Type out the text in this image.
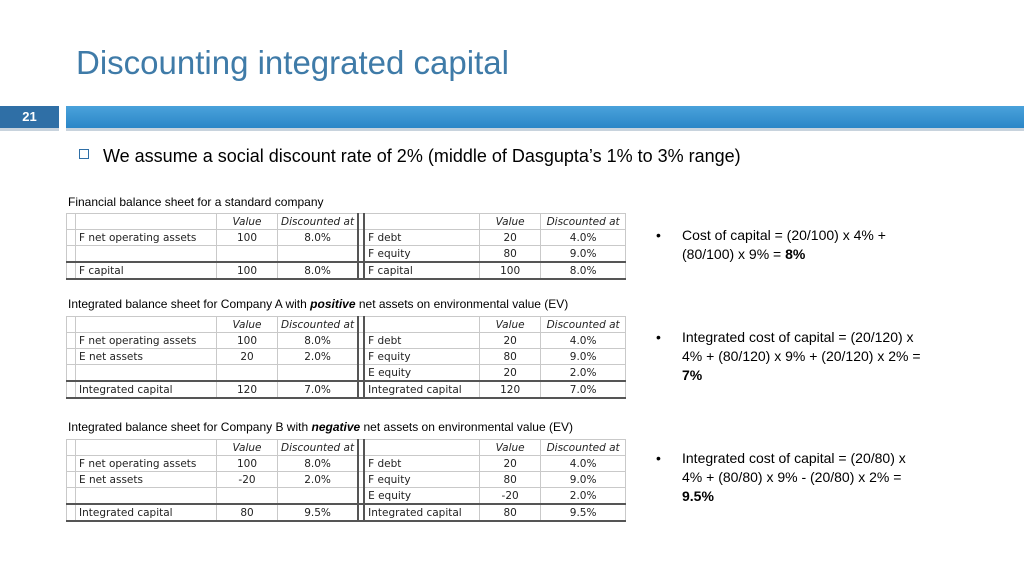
Discounting integrated capital
21
We assume a social discount rate of 2% (middle of Dasgupta’s 1% to 3% range)
Financial balance sheet for a standard company
		Value	Discounted at			Value	Discounted at
	F net operating assets	100	8.0%		F debt	20	4.0%
					F equity	80	9.0%
	F capital	100	8.0%		F capital	100	8.0%
Integrated balance sheet for Company A with positive net assets on environmental value (EV)
		Value	Discounted at			Value	Discounted at
	F net operating assets	100	8.0%		F debt	20	4.0%
	E net assets	20	2.0%		F equity	80	9.0%
					E equity	20	2.0%
	Integrated capital	120	7.0%		Integrated capital	120	7.0%
Integrated balance sheet for Company B with negative net assets on environmental value (EV)
		Value	Discounted at			Value	Discounted at
	F net operating assets	100	8.0%		F debt	20	4.0%
	E net assets	-20	2.0%		F equity	80	9.0%
					E equity	-20	2.0%
	Integrated capital	80	9.5%		Integrated capital	80	9.5%
• Cost of capital = (20/100) x 4% + (80/100) x 9% = 8%
• Integrated cost of capital = (20/120) x 4% + (80/120) x 9% + (20/120) x 2% = 7%
• Integrated cost of capital = (20/80) x 4% + (80/80) x 9% - (20/80) x 2% = 9.5%
